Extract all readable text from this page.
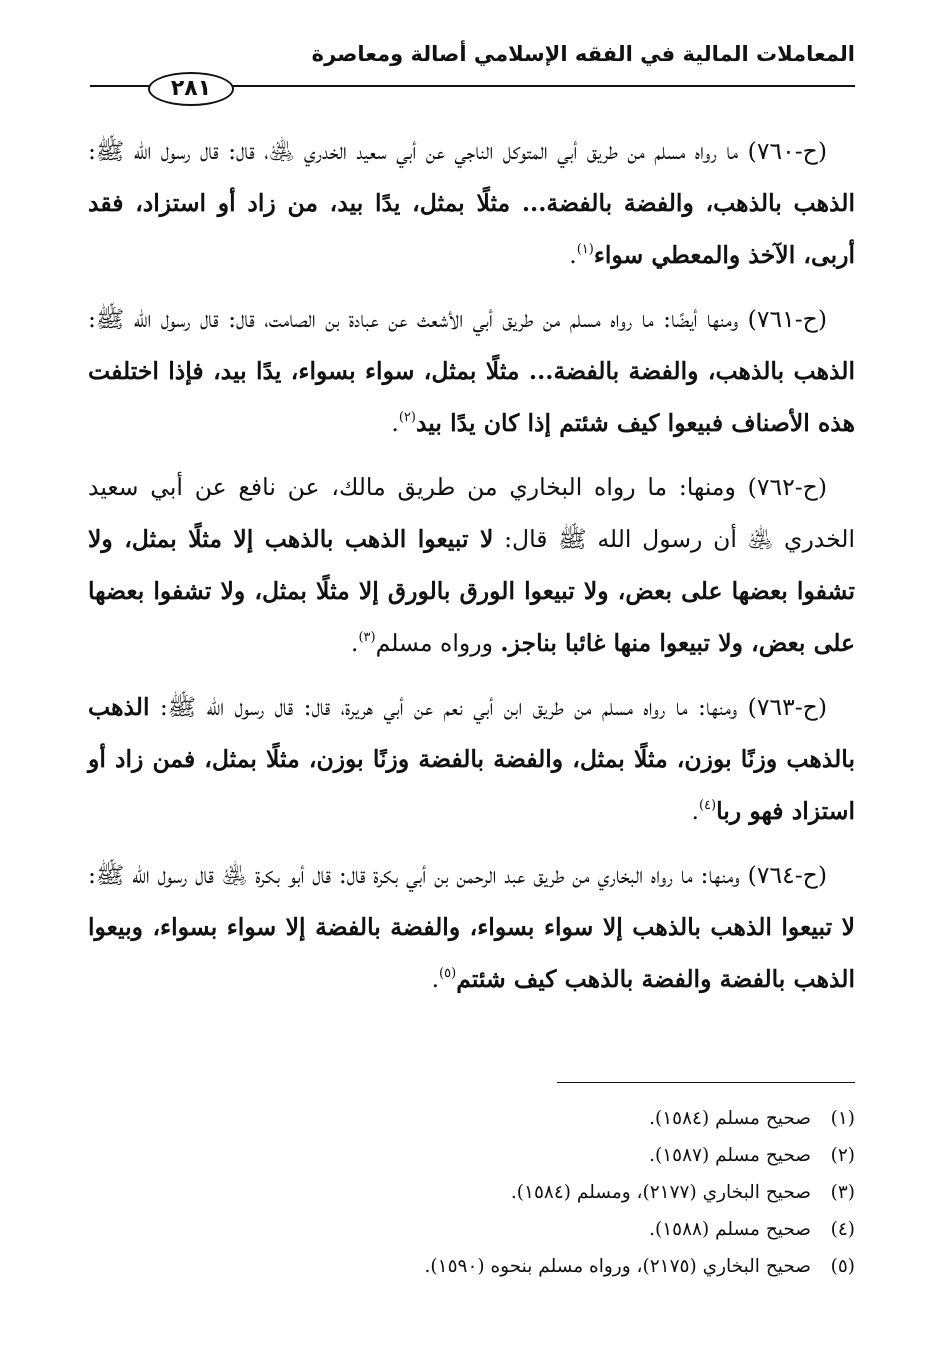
المعاملات المالية في الفقه الإسلامي أصالة ومعاصرة
٢٨١

(ح-٧٦٠) ما رواه مسلم من طريق أبي المتوكل الناجي عن أبي سعيد الخدري ﵁، قال: قال رسول الله ﷺ: الذهب بالذهب، والفضة بالفضة... مثلًا بمثل، يدًا بيد، من زاد أو استزاد، فقد أربى، الآخذ والمعطي سواء$^{(١)}$.

(ح-٧٦١) ومنها أيضًا: ما رواه مسلم من طريق أبي الأشعث عن عبادة بن الصامت، قال: قال رسول الله ﷺ: الذهب بالذهب، والفضة بالفضة... مثلًا بمثل، سواء بسواء، يدًا بيد، فإذا اختلفت هذه الأصناف فبيعوا كيف شئتم إذا كان يدًا بيد$^{(٢)}$.

(ح-٧٦٢) ومنها: ما رواه البخاري من طريق مالك، عن نافع عن أبي سعيد الخدري ﵁ أن رسول الله ﷺ قال: لا تبيعوا الذهب بالذهب إلا مثلًا بمثل، ولا تشفوا بعضها على بعض، ولا تبيعوا الورق بالورق إلا مثلًا بمثل، ولا تشفوا بعضها على بعض، ولا تبيعوا منها غائبا بناجز. ورواه مسلم$^{(٣)}$.

(ح-٧٦٣) ومنها: ما رواه مسلم من طريق ابن أبي نعم عن أبي هريرة، قال: قال رسول الله ﷺ: الذهب بالذهب وزنًا بوزن، مثلًا بمثل، والفضة بالفضة وزنًا بوزن، مثلًا بمثل، فمن زاد أو استزاد فهو ربا$^{(٤)}$.

(ح-٧٦٤) ومنها: ما رواه البخاري من طريق عبد الرحمن بن أبي بكرة قال: قال أبو بكرة ﵁ قال رسول الله ﷺ: لا تبيعوا الذهب بالذهب إلا سواء بسواء، والفضة بالفضة إلا سواء بسواء، وبيعوا الذهب بالفضة والفضة بالذهب كيف شئتم$^{(٥)}$.

(١)
صحيح مسلم (١٥٨٤).
(٢)
صحيح مسلم (١٥٨٧).
(٣)
صحيح البخاري (٢١٧٧)، ومسلم (١٥٨٤).
(٤)
صحيح مسلم (١٥٨٨).
(٥)
صحيح البخاري (٢١٧٥)، ورواه مسلم بنحوه (١٥٩٠).
